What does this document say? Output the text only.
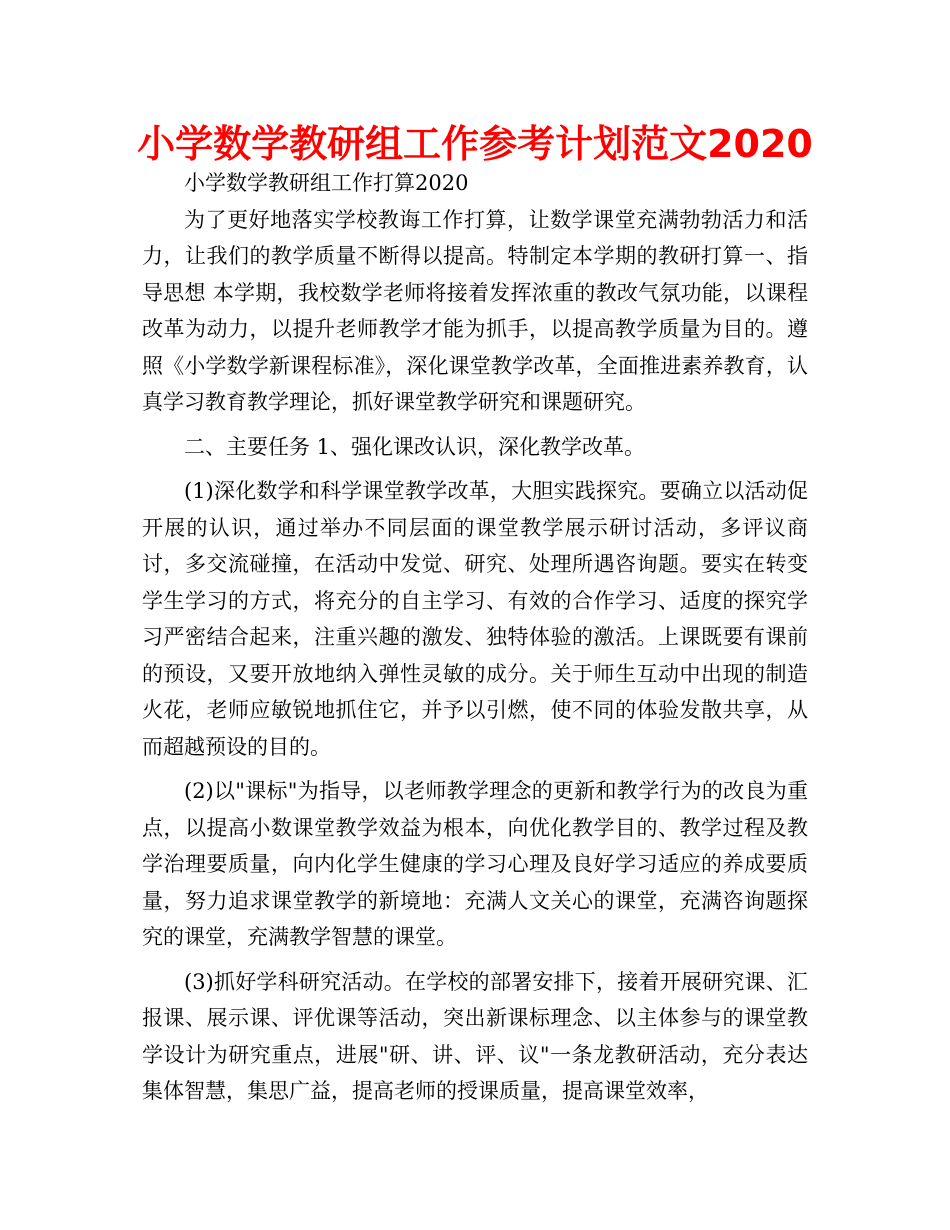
小学数学教研组工作参考计划范文2020

小学数学教研组工作打算2020

为了更好地落实学校教诲工作打算，让数学课堂充满勃勃活力和活力，让我们的教学质量不断得以提高。特制定本学期的教研打算一、指导思想 本学期，我校数学老师将接着发挥浓重的教改气氛功能，以课程改革为动力，以提升老师教学才能为抓手，以提高教学质量为目的。遵照《小学数学新课程标准》，深化课堂教学改革，全面推进素养教育，认真学习教育教学理论，抓好课堂教学研究和课题研究。

二、主要任务 1、强化课改认识，深化教学改革。

(1)深化数学和科学课堂教学改革，大胆实践探究。要确立以活动促开展的认识，通过举办不同层面的课堂教学展示研讨活动，多评议商讨，多交流碰撞，在活动中发觉、研究、处理所遇咨询题。要实在转变学生学习的方式，将充分的自主学习、有效的合作学习、适度的探究学习严密结合起来，注重兴趣的激发、独特体验的激活。上课既要有课前的预设，又要开放地纳入弹性灵敏的成分。关于师生互动中出现的制造火花，老师应敏锐地抓住它，并予以引燃，使不同的体验发散共享，从而超越预设的目的。

(2)以"课标"为指导，以老师教学理念的更新和教学行为的改良为重点，以提高小数课堂教学效益为根本，向优化教学目的、教学过程及教学治理要质量，向内化学生健康的学习心理及良好学习适应的养成要质量，努力追求课堂教学的新境地：充满人文关心的课堂，充满咨询题探究的课堂，充满教学智慧的课堂。

(3)抓好学科研究活动。在学校的部署安排下，接着开展研究课、汇报课、展示课、评优课等活动，突出新课标理念、以主体参与的课堂教学设计为研究重点，进展"研、讲、评、议"一条龙教研活动，充分表达集体智慧，集思广益，提高老师的授课质量，提高课堂效率，
